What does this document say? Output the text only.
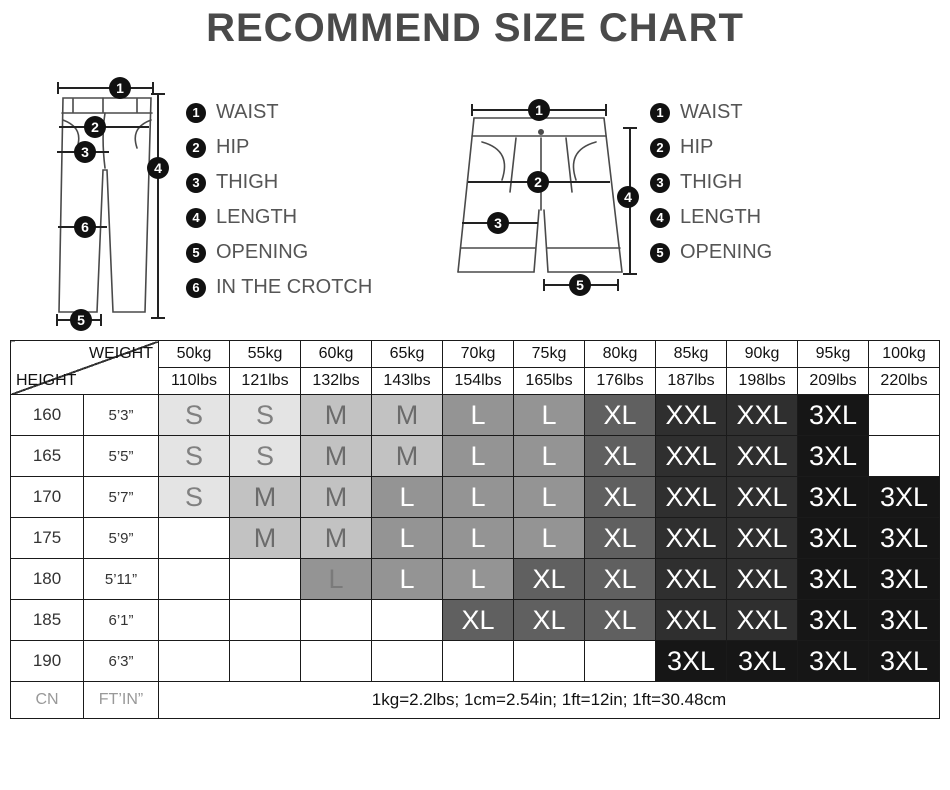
RECOMMEND SIZE CHART
1
2
3
4
5
6
1 WAIST
2 HIP
3 THIGH
4 LENGTH
5 OPENING
6 IN THE CROTCH
1
2
3
4
5
1 WAIST
2 HIP
3 THIGH
4 LENGTH
5 OPENING
WEIGHT
HEIGHT		50kg	55kg	60kg	65kg	70kg	75kg	80kg	85kg	90kg	95kg	100kg
		110lbs	121lbs	132lbs	143lbs	154lbs	165lbs	176lbs	187lbs	198lbs	209lbs	220lbs
160	5’3”	S	S	M	M	L	L	XL	XXL	XXL	3XL	
165	5’5”	S	S	M	M	L	L	XL	XXL	XXL	3XL	
170	5’7”	S	M	M	L	L	L	XL	XXL	XXL	3XL	3XL
175	5’9”		M	M	L	L	L	XL	XXL	XXL	3XL	3XL
180	5’11”			L	L	L	XL	XL	XXL	XXL	3XL	3XL
185	6’1”					XL	XL	XL	XXL	XXL	3XL	3XL
190	6’3”								3XL	3XL	3XL	3XL
CN	FT’IN”	1kg=2.2lbs; 1cm=2.54in; 1ft=12in; 1ft=30.48cm										
